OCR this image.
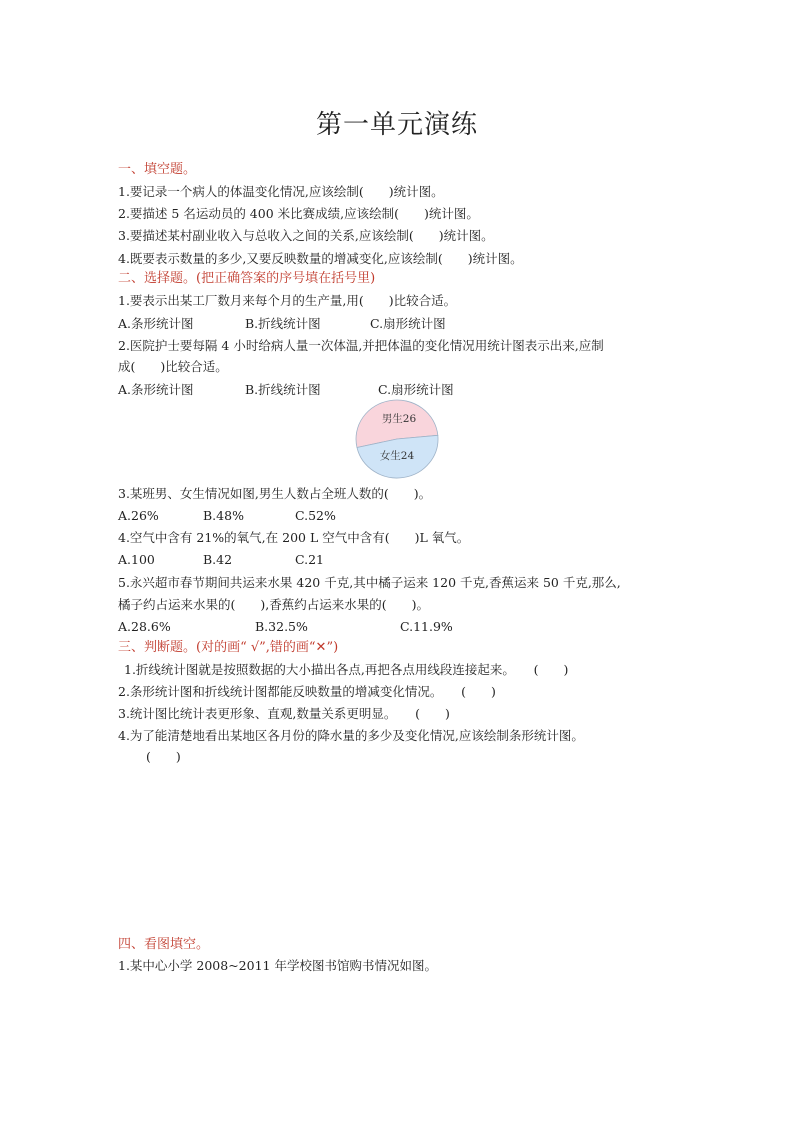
第一单元演练
一、填空题。
1.要记录一个病人的体温变化情况,应该绘制(　　)统计图。
2.要描述 5 名运动员的 400 米比赛成绩,应该绘制(　　)统计图。
3.要描述某村副业收入与总收入之间的关系,应该绘制(　　)统计图。
4.既要表示数量的多少,又要反映数量的增减变化,应该绘制(　　)统计图。
二、选择题。(把正确答案的序号填在括号里)
1.要表示出某工厂数月来每个月的生产量,用(　　)比较合适。
A.条形统计图	B.折线统计图	C.扇形统计图
2.医院护士要每隔 4 小时给病人量一次体温,并把体温的变化情况用统计图表示出来,应制
成(　　)比较合适。
A.条形统计图	B.折线统计图	C.扇形统计图
男生26
女生24
3.某班男、女生情况如图,男生人数占全班人数的(　　)。
A.26%	B.48%	C.52%
4.空气中含有 21%的氧气,在 200 L 空气中含有(　　)L 氧气。
A.100	B.42	C.21
5.永兴超市春节期间共运来水果 420 千克,其中橘子运来 120 千克,香蕉运来 50 千克,那么,
橘子约占运来水果的(　　),香蕉约占运来水果的(　　)。
A.28.6%	B.32.5%	C.11.9%
三、判断题。(对的画“ √”,错的画“✕”)
1.折线统计图就是按照数据的大小描出各点,再把各点用线段连接起来。　　(　　)
2.条形统计图和折线统计图都能反映数量的增减变化情况。　　(　　)
3.统计图比统计表更形象、直观,数量关系更明显。　　(　　)
4.为了能清楚地看出某地区各月份的降水量的多少及变化情况,应该绘制条形统计图。
(　　)
四、看图填空。
1.某中心小学 2008~2011 年学校图书馆购书情况如图。
